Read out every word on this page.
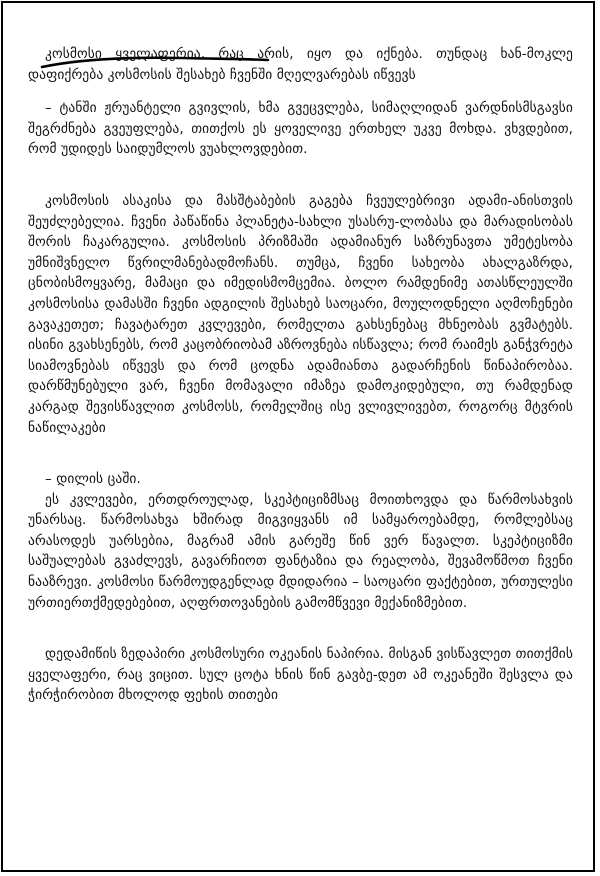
კოსმოსი ყველაფერია, რაც არის, იყო და იქნება. თუნდაც ხან-მოკლე დაფიქრება კოსმოსის შესახებ ჩვენში მღელვარებას იწვევს

– ტანში ჟრუანტელი გვივლის, ხმა გვეცვლება, სიმაღლიდან ვარდნისმსგავსი შეგრძნება გვეუფლება, თითქოს ეს ყოველივე ერთხელ უკვე მოხდა. ვხვდებით, რომ უდიდეს საიდუმლოს ვუახლოვდებით.

კოსმოსის ასაკისა და მასშტაბების გაგება ჩვეულებრივი ადამი-ანისთვის შეუძლებელია. ჩვენი პაწაწინა პლანეტა-სახლი უსასრუ-ლობასა და მარადისობას შორის ჩაკარგულია. კოსმოსის პრიზმაში ადამიანურ საზრუნავთა უმეტესობა უმნიშვნელო წვრილმანებადმოჩანს. თუმცა, ჩვენი სახეობა ახალგაზრდა, ცნობისმოყვარე, მამაცი და იმედისმომცემია. ბოლო რამდენიმე ათასწლეულში კოსმოსისა დამასში ჩვენი ადგილის შესახებ საოცარი, მოულოდნელი აღმოჩენები გავაკეთეთ; ჩავატარეთ კვლევები, რომელთა გახსენებაც მხნეობას გვმატებს. ისინი გვახსენებს, რომ კაცობრიობამ აზროვნება ისწავლა; რომ რაიმეს განჭვრეტა სიამოვნებას იწვევს და რომ ცოდნა ადამიანთა გადარჩენის წინაპირობაა. დარწმუნებული ვარ, ჩვენი მომავალი იმაზეა დამოკიდებული, თუ რამდენად კარგად შევისწავლით კოსმოსს, რომელშიც ისე ვლივლივებთ, როგორც მტვრის ნაწილაკები

– დილის ცაში.

ეს კვლევები, ერთდროულად, სკეპტიციზმსაც მოითხოვდა და წარმოსახვის უნარსაც. წარმოსახვა ხშირად მიგვიყვანს იმ სამყაროებამდე, რომლებსაც არასოდეს უარსებია, მაგრამ ამის გარეშე წინ ვერ წავალთ. სკეპტიციზმი საშუალებას გვაძლევს, გავარჩიოთ ფანტაზია და რეალობა, შევამოწმოთ ჩვენი ნააზრევი. კოსმოსი წარმოუდგენლად მდიდარია – საოცარი ფაქტებით, ურთულესი ურთიერთქმედებებით, აღფრთოვანების გამომწვევი მექანიზმებით.

დედამიწის ზედაპირი კოსმოსური ოკეანის ნაპირია. მისგან ვისწავლეთ თითქმის ყველაფერი, რაც ვიცით. სულ ცოტა ხნის წინ გავბე-დეთ ამ ოკეანეში შესვლა და ჭირჭირობით მხოლოდ ფეხის თითები
